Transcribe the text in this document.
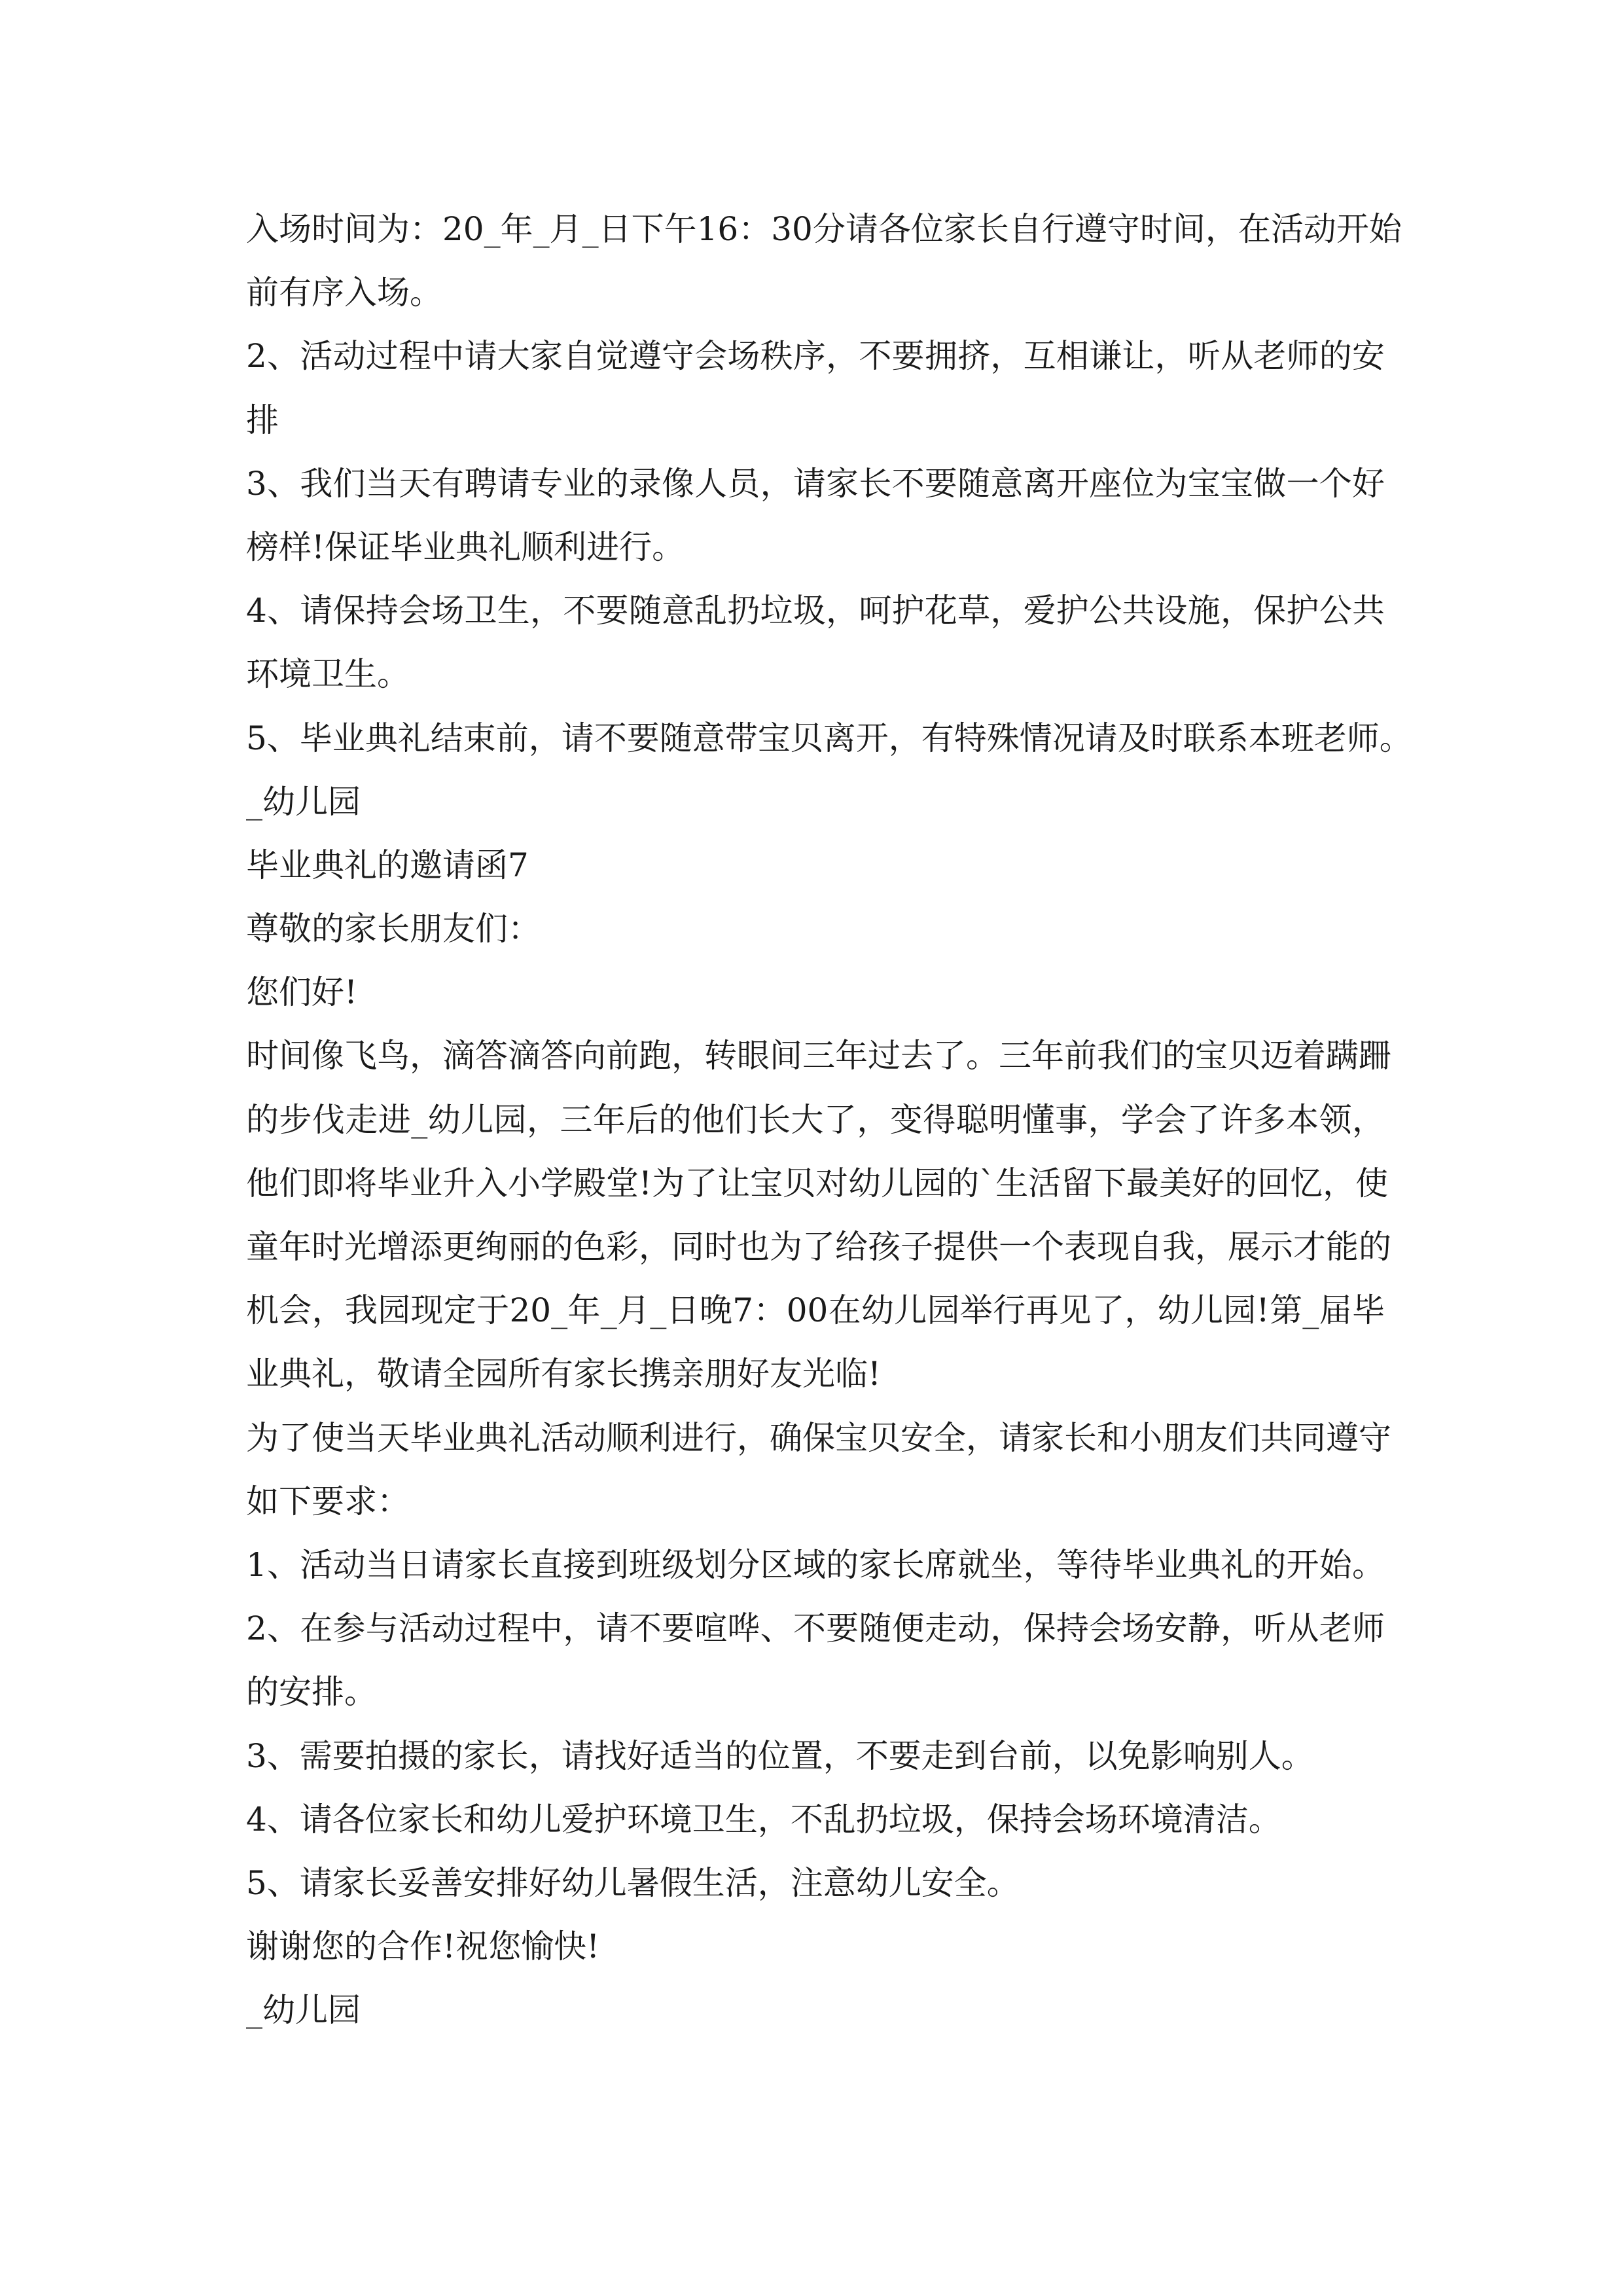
入场时间为：20_年_月_日下午16：30分请各位家长自行遵守时间，在活动开始
前有序入场。
2、活动过程中请大家自觉遵守会场秩序，不要拥挤，互相谦让，听从老师的安
排
3、我们当天有聘请专业的录像人员，请家长不要随意离开座位为宝宝做一个好
榜样!保证毕业典礼顺利进行。
4、请保持会场卫生，不要随意乱扔垃圾，呵护花草，爱护公共设施，保护公共
环境卫生。
5、毕业典礼结束前，请不要随意带宝贝离开，有特殊情况请及时联系本班老师。
_幼儿园
毕业典礼的邀请函7
尊敬的家长朋友们：
您们好!
时间像飞鸟，滴答滴答向前跑，转眼间三年过去了。三年前我们的宝贝迈着蹒跚
的步伐走进_幼儿园，三年后的他们长大了，变得聪明懂事，学会了许多本领，
他们即将毕业升入小学殿堂!为了让宝贝对幼儿园的`生活留下最美好的回忆，使
童年时光增添更绚丽的色彩，同时也为了给孩子提供一个表现自我，展示才能的
机会，我园现定于20_年_月_日晚7：00在幼儿园举行再见了，幼儿园!第_届毕
业典礼，敬请全园所有家长携亲朋好友光临!
为了使当天毕业典礼活动顺利进行，确保宝贝安全，请家长和小朋友们共同遵守
如下要求：
1、活动当日请家长直接到班级划分区域的家长席就坐，等待毕业典礼的开始。
2、在参与活动过程中，请不要喧哗、不要随便走动，保持会场安静，听从老师
的安排。
3、需要拍摄的家长，请找好适当的位置，不要走到台前，以免影响别人。
4、请各位家长和幼儿爱护环境卫生，不乱扔垃圾，保持会场环境清洁。
5、请家长妥善安排好幼儿暑假生活，注意幼儿安全。
谢谢您的合作!祝您愉快!
_幼儿园
